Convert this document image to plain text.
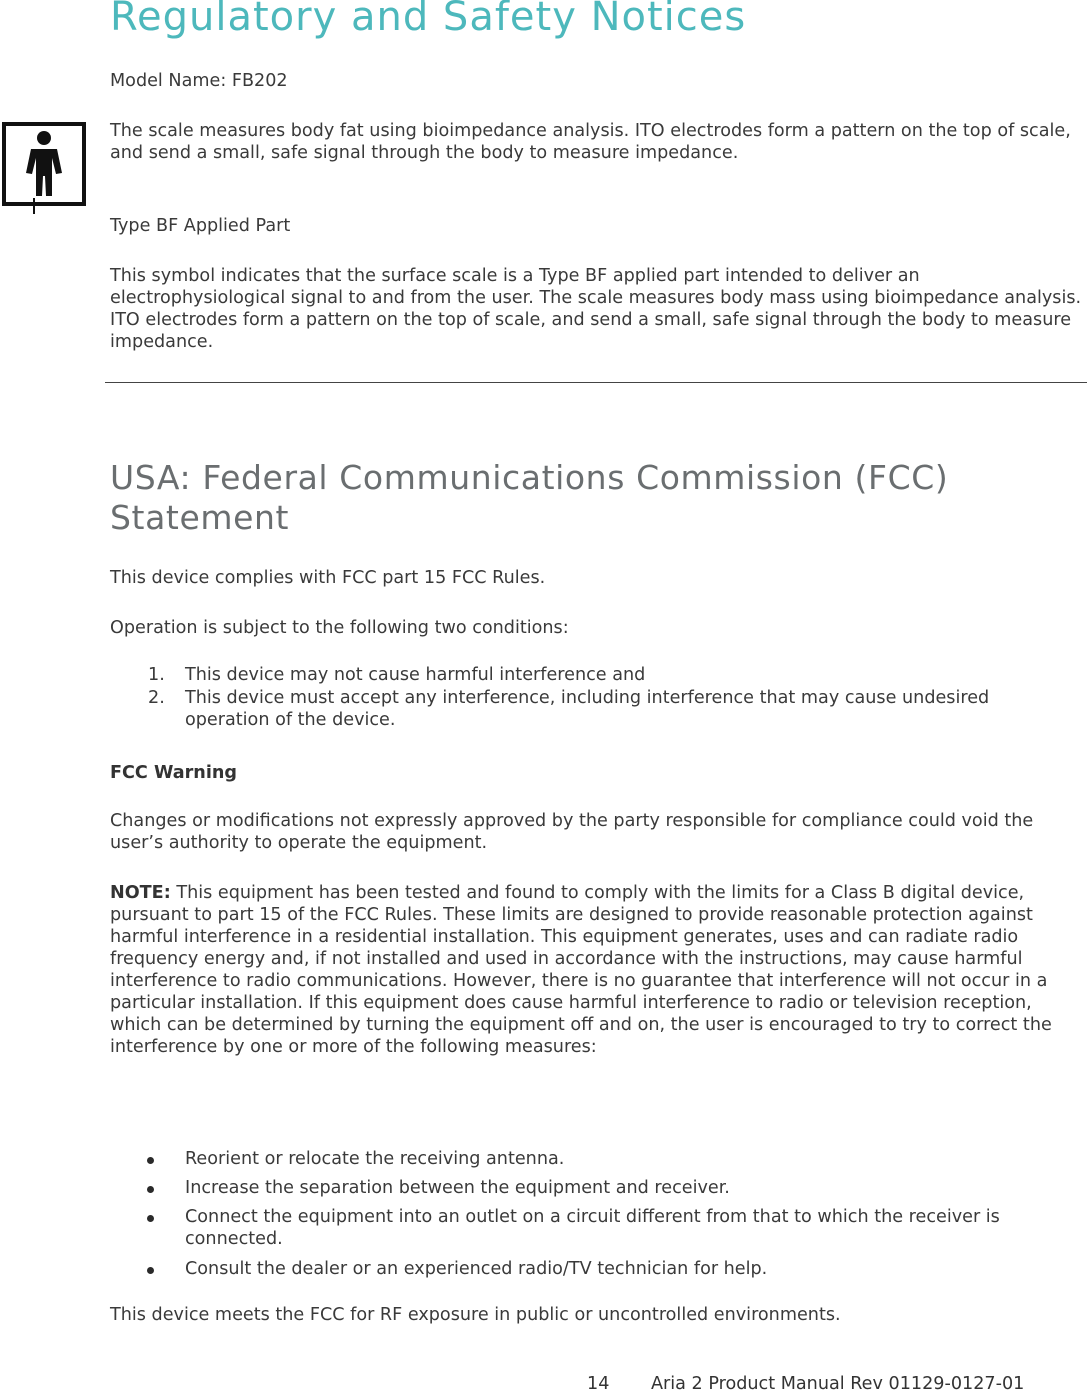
Regulatory and Safety Notices
Model Name: FB202
The scale measures body fat using bioimpedance analysis. ITO electrodes form a pattern on the top of scale, and send a small, safe signal through the body to measure impedance.
Type BF Applied Part
This symbol indicates that the surface scale is a Type BF applied part intended to deliver an electrophysiological signal to and from the user. The scale measures body mass using bioimpedance analysis. ITO electrodes form a pattern on the top of scale, and send a small, safe signal through the body to measure impedance.
USA: Federal Communications Commission (FCC) Statement
This device complies with FCC part 15 FCC Rules.
Operation is subject to the following two conditions:
1.	This device may not cause harmful interference and
2.	This device must accept any interference, including interference that may cause undesired operation of the device.
FCC Warning
Changes or modifications not expressly approved by the party responsible for compliance could void the user’s authority to operate the equipment.
NOTE: This equipment has been tested and found to comply with the limits for a Class B digital device, pursuant to part 15 of the FCC Rules. These limits are designed to provide reasonable protection against harmful interference in a residential installation. This equipment generates, uses and can radiate radio frequency energy and, if not installed and used in accordance with the instructions, may cause harmful interference to radio communications. However, there is no guarantee that interference will not occur in a particular installation. If this equipment does cause harmful interference to radio or television reception, which can be determined by turning the equipment off and on, the user is encouraged to try to correct the interference by one or more of the following measures:
Reorient or relocate the receiving antenna.
Increase the separation between the equipment and receiver.
Connect the equipment into an outlet on a circuit different from that to which the receiver is connected.
Consult the dealer or an experienced radio/TV technician for help.
This device meets the FCC for RF exposure in public or uncontrolled environments.
14 Aria 2 Product Manual Rev 01129-0127-01
